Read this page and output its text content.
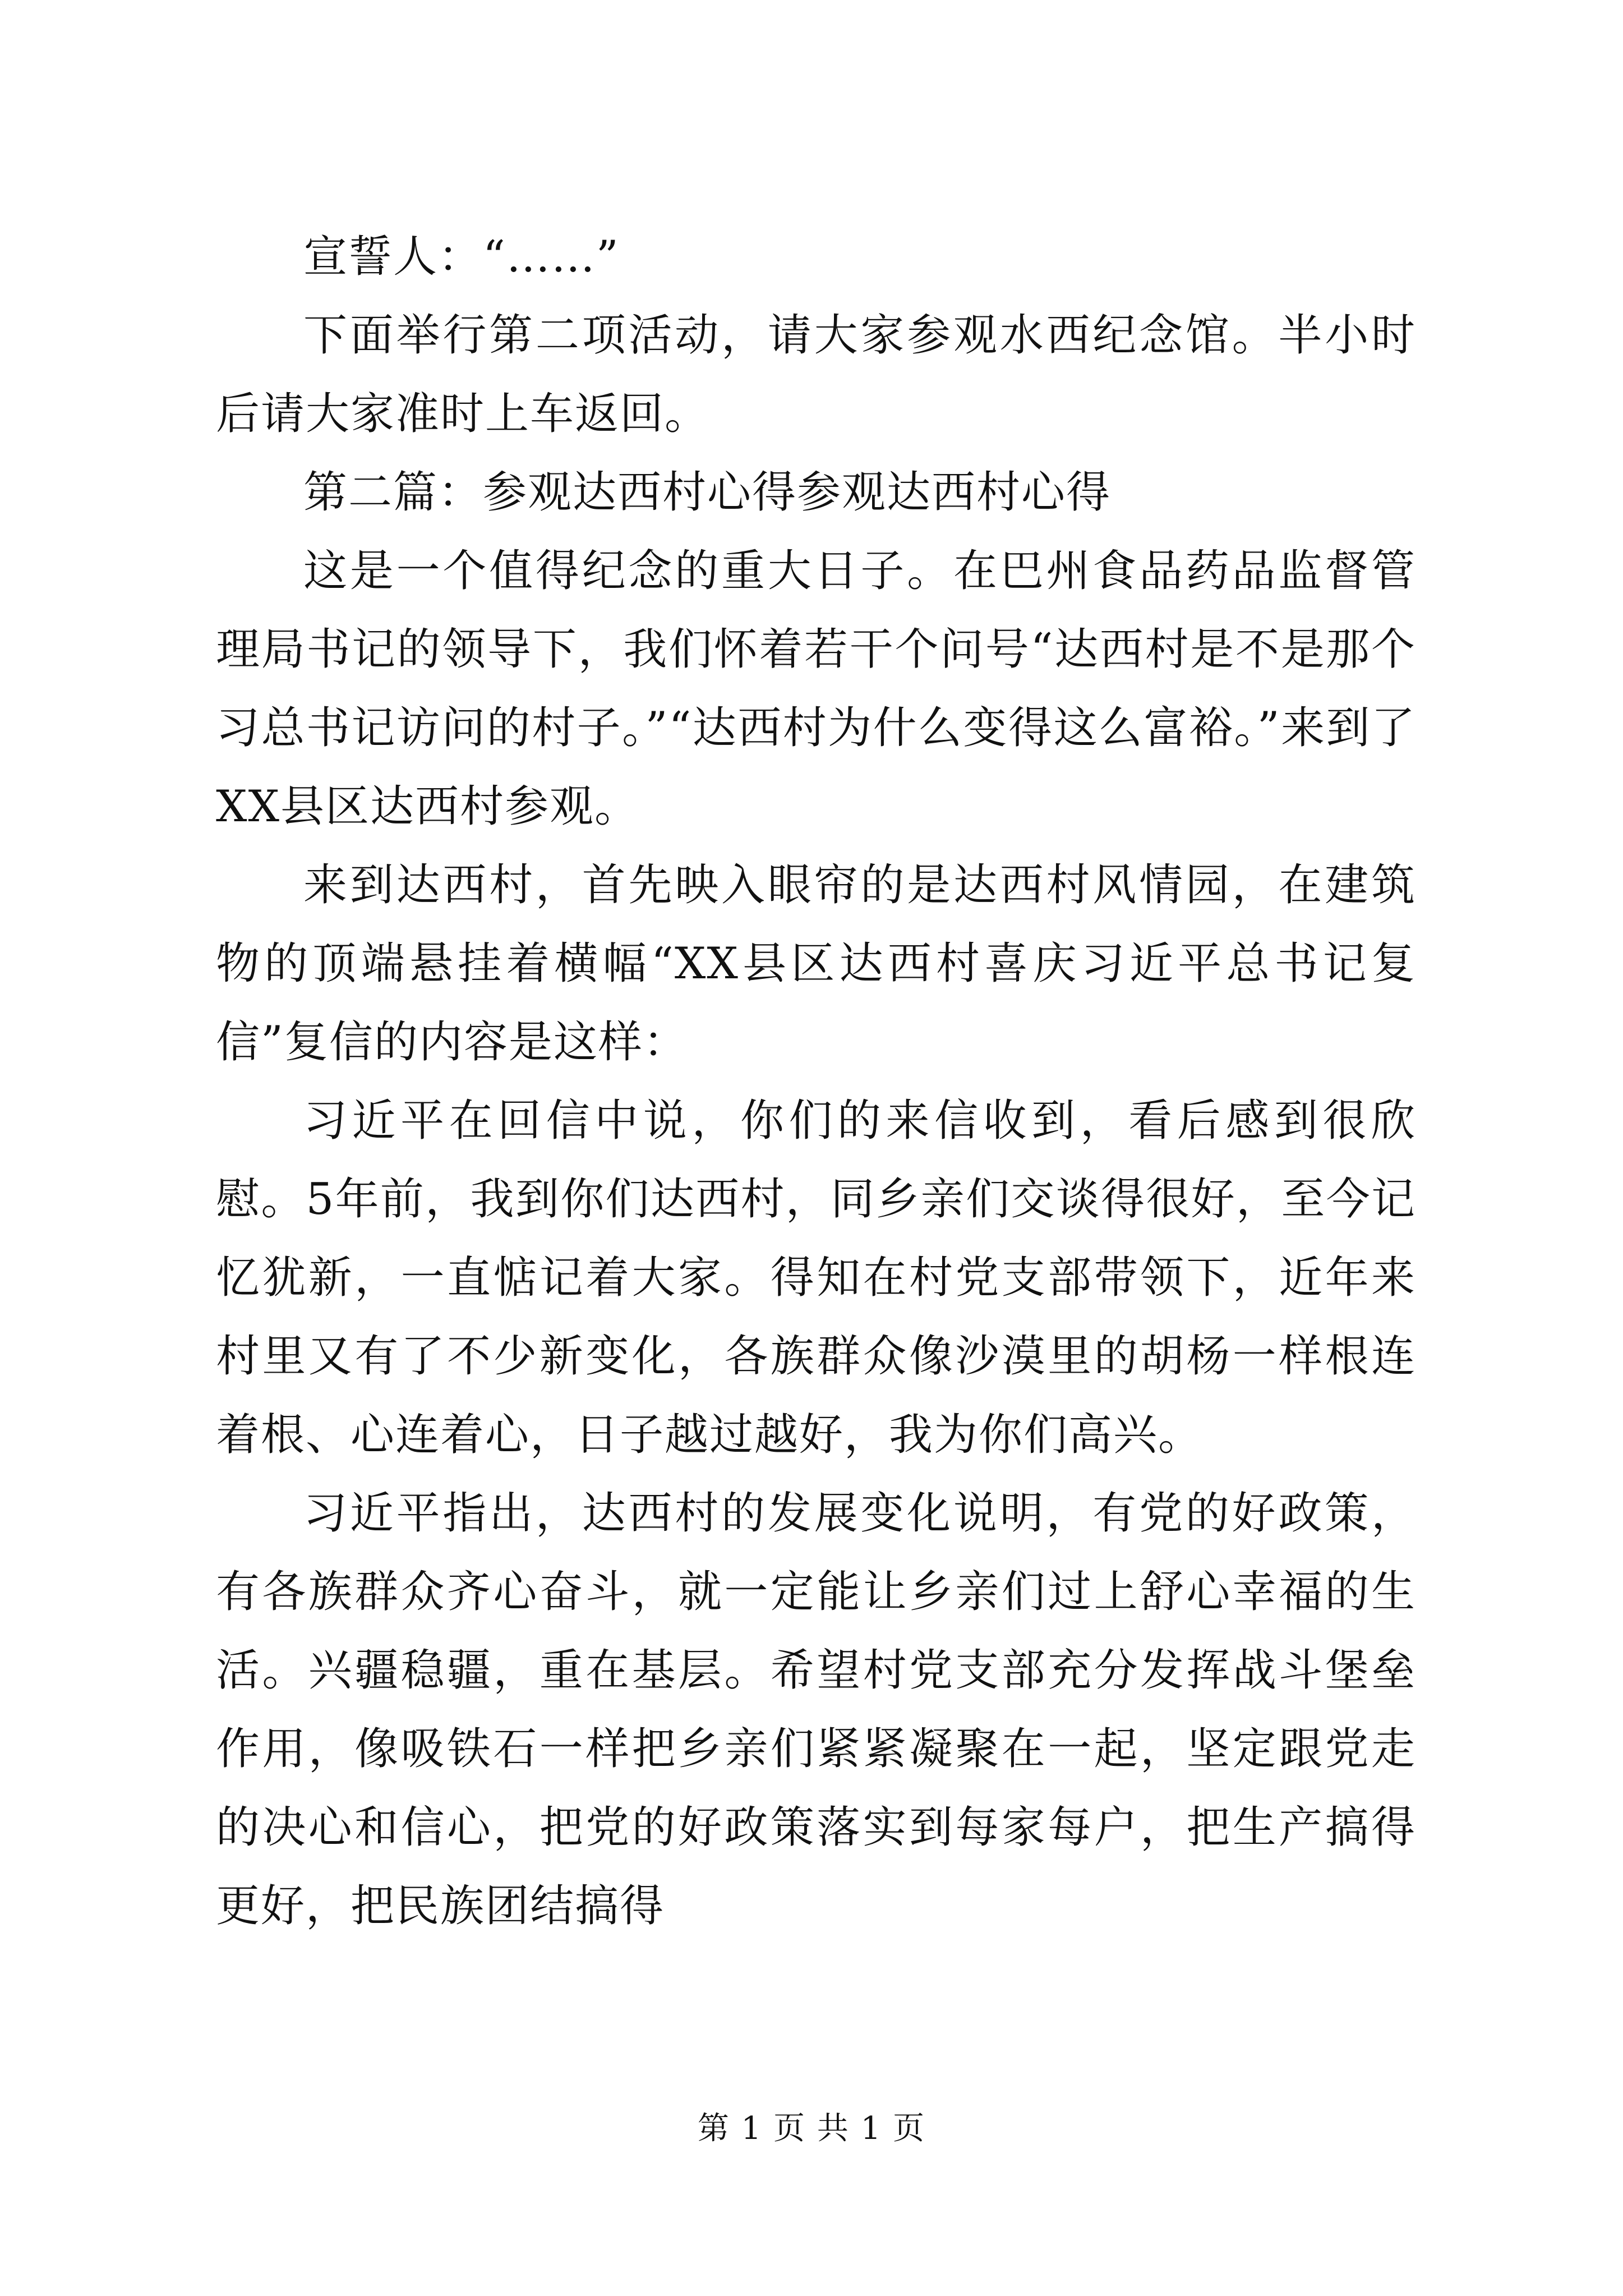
宣誓人：“……”

下面举行第二项活动，请大家参观水西纪念馆。半小时后请大家准时上车返回。

第二篇：参观达西村心得参观达西村心得

这是一个值得纪念的重大日子。在巴州食品药品监督管理局书记的领导下，我们怀着若干个问号“达西村是不是那个习总书记访问的村子。”“达西村为什么变得这么富裕。”来到了XX县区达西村参观。

来到达西村，首先映入眼帘的是达西村风情园，在建筑物的顶端悬挂着横幅“XX县区达西村喜庆习近平总书记复信”复信的内容是这样：

习近平在回信中说，你们的来信收到，看后感到很欣慰。5年前，我到你们达西村，同乡亲们交谈得很好，至今记忆犹新，一直惦记着大家。得知在村党支部带领下，近年来村里又有了不少新变化，各族群众像沙漠里的胡杨一样根连着根、心连着心，日子越过越好，我为你们高兴。

习近平指出，达西村的发展变化说明，有党的好政策，有各族群众齐心奋斗，就一定能让乡亲们过上舒心幸福的生活。兴疆稳疆，重在基层。希望村党支部充分发挥战斗堡垒作用，像吸铁石一样把乡亲们紧紧凝聚在一起，坚定跟党走的决心和信心，把党的好政策落实到每家每户，把生产搞得更好，把民族团结搞得

第 1 页 共 1 页
